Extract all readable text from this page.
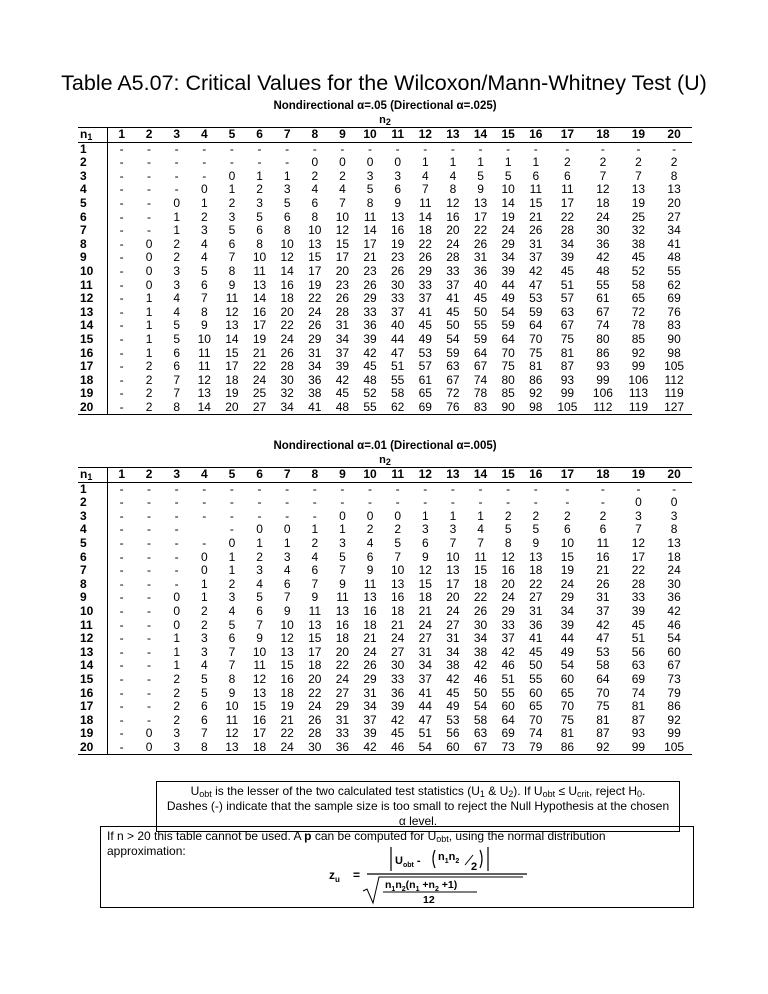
Table A5.07: Critical Values for the Wilcoxon/Mann-Whitney Test (U)
Nondirectional α=.05 (Directional α=.025)
$n_2$
$n_1$	1	2	3	4	5	6	7	8	9	10	11	12	13	14	15	16	17	18	19	20
1	-	-	-	-	-	-	-	-	-	-	-	-	-	-	-	-	-	-	-	-
2	-	-	-	-	-	-	-	0	0	0	0	1	1	1	1	1	2	2	2	2
3	-	-	-	-	0	1	1	2	2	3	3	4	4	5	5	6	6	7	7	8
4	-	-	-	0	1	2	3	4	4	5	6	7	8	9	10	11	11	12	13	13
5	-	-	0	1	2	3	5	6	7	8	9	11	12	13	14	15	17	18	19	20
6	-	-	1	2	3	5	6	8	10	11	13	14	16	17	19	21	22	24	25	27
7	-	-	1	3	5	6	8	10	12	14	16	18	20	22	24	26	28	30	32	34
8	-	0	2	4	6	8	10	13	15	17	19	22	24	26	29	31	34	36	38	41
9	-	0	2	4	7	10	12	15	17	21	23	26	28	31	34	37	39	42	45	48
10	-	0	3	5	8	11	14	17	20	23	26	29	33	36	39	42	45	48	52	55
11	-	0	3	6	9	13	16	19	23	26	30	33	37	40	44	47	51	55	58	62
12	-	1	4	7	11	14	18	22	26	29	33	37	41	45	49	53	57	61	65	69
13	-	1	4	8	12	16	20	24	28	33	37	41	45	50	54	59	63	67	72	76
14	-	1	5	9	13	17	22	26	31	36	40	45	50	55	59	64	67	74	78	83
15	-	1	5	10	14	19	24	29	34	39	44	49	54	59	64	70	75	80	85	90
16	-	1	6	11	15	21	26	31	37	42	47	53	59	64	70	75	81	86	92	98
17	-	2	6	11	17	22	28	34	39	45	51	57	63	67	75	81	87	93	99	105
18	-	2	7	12	18	24	30	36	42	48	55	61	67	74	80	86	93	99	106	112
19	-	2	7	13	19	25	32	38	45	52	58	65	72	78	85	92	99	106	113	119
20	-	2	8	14	20	27	34	41	48	55	62	69	76	83	90	98	105	112	119	127
Nondirectional α=.01 (Directional α=.005)
$n_2$
$n_1$	1	2	3	4	5	6	7	8	9	10	11	12	13	14	15	16	17	18	19	20
1	-	-	-	-	-	-	-	-	-	-	-	-	-	-	-	-	-	-	-	-
2	-	-	-	-	-	-	-	-	-	-	-	-	-	-	-	-	-	-	0	0
3	-	-	-	-	-	-	-	-	0	0	0	1	1	1	2	2	2	2	3	3
4	-	-	-		-	0	0	1	1	2	2	3	3	4	5	5	6	6	7	8
5	-	-	-	-	0	1	1	2	3	4	5	6	7	7	8	9	10	11	12	13
6	-	-	-	0	1	2	3	4	5	6	7	9	10	11	12	13	15	16	17	18
7	-	-	-	0	1	3	4	6	7	9	10	12	13	15	16	18	19	21	22	24
8	-	-	-	1	2	4	6	7	9	11	13	15	17	18	20	22	24	26	28	30
9	-	-	0	1	3	5	7	9	11	13	16	18	20	22	24	27	29	31	33	36
10	-	-	0	2	4	6	9	11	13	16	18	21	24	26	29	31	34	37	39	42
11	-	-	0	2	5	7	10	13	16	18	21	24	27	30	33	36	39	42	45	46
12	-	-	1	3	6	9	12	15	18	21	24	27	31	34	37	41	44	47	51	54
13	-	-	1	3	7	10	13	17	20	24	27	31	34	38	42	45	49	53	56	60
14	-	-	1	4	7	11	15	18	22	26	30	34	38	42	46	50	54	58	63	67
15	-	-	2	5	8	12	16	20	24	29	33	37	42	46	51	55	60	64	69	73
16	-	-	2	5	9	13	18	22	27	31	36	41	45	50	55	60	65	70	74	79
17	-	-	2	6	10	15	19	24	29	34	39	44	49	54	60	65	70	75	81	86
18	-	-	2	6	11	16	21	26	31	37	42	47	53	58	64	70	75	81	87	92
19	-	0	3	7	12	17	22	28	33	39	45	51	56	63	69	74	81	87	93	99
20	-	0	3	8	13	18	24	30	36	42	46	54	60	67	73	79	86	92	99	105
$U_{obt}$ is the lesser of the two calculated test statistics ($U_1$ & $U_2$). If $U_{obt} \le U_{crit}$, reject $H_0$.
Dashes (-) indicate that the sample size is too small to reject the Null Hypothesis at the chosen α level.
If n > 20 this table cannot be used. A p can be computed for $U_{obt}$, using the normal distribution approximation:
$z_u$ =
$U_{obt} - n_1n_2$ 2
$n_1n_2(n_1 +n_2 +1)$
12
